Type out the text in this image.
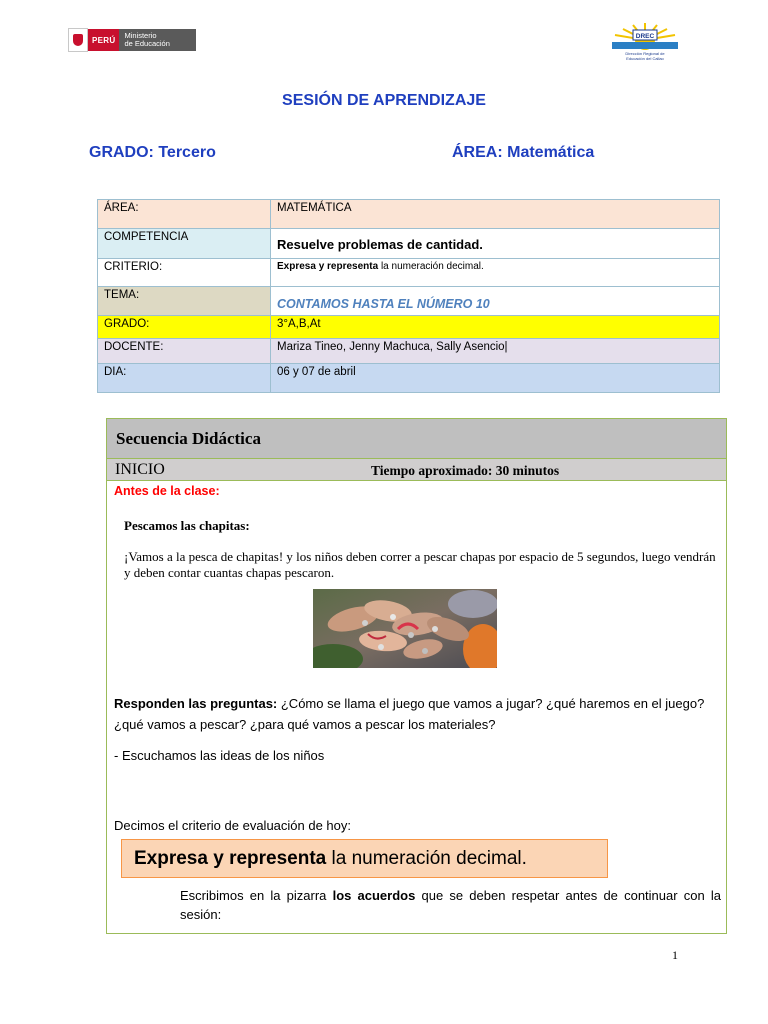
PERÚ	Ministerio
de Educación
DREC
Dirección Regional de
Educación del Callao
SESIÓN DE APRENDIZAJE
GRADO: Tercero	ÁREA: Matemática
ÁREA:	MATEMÁTICA
COMPETENCIA	Resuelve problemas de cantidad.

CRITERIO:	Expresa y representa la numeración decimal.
TEMA:	CONTAMOS HASTA EL NÚMERO 10

GRADO:	3°A,B,At
DOCENTE:	Mariza Tineo, Jenny Machuca, Sally Asencio|
DIA:	06 y 07 de abril
Secuencia Didáctica
INICIO	Tiempo aproximado: 30 minutos
Antes de la clase:
Pescamos las chapitas:
¡Vamos a la pesca de chapitas! y los niños deben correr a pescar chapas por espacio de 5 segundos, luego vendrán y deben contar cuantas chapas pescaron.
Responden las preguntas: ¿Cómo se llama el juego que vamos a jugar? ¿qué haremos en el juego? ¿qué vamos a pescar? ¿para qué vamos a pescar los materiales?
- Escuchamos las ideas de los niños
Decimos el criterio de evaluación de hoy:
Expresa y representa la numeración decimal.
Escribimos en la pizarra los acuerdos que se deben respetar antes de continuar con la sesión:
1
